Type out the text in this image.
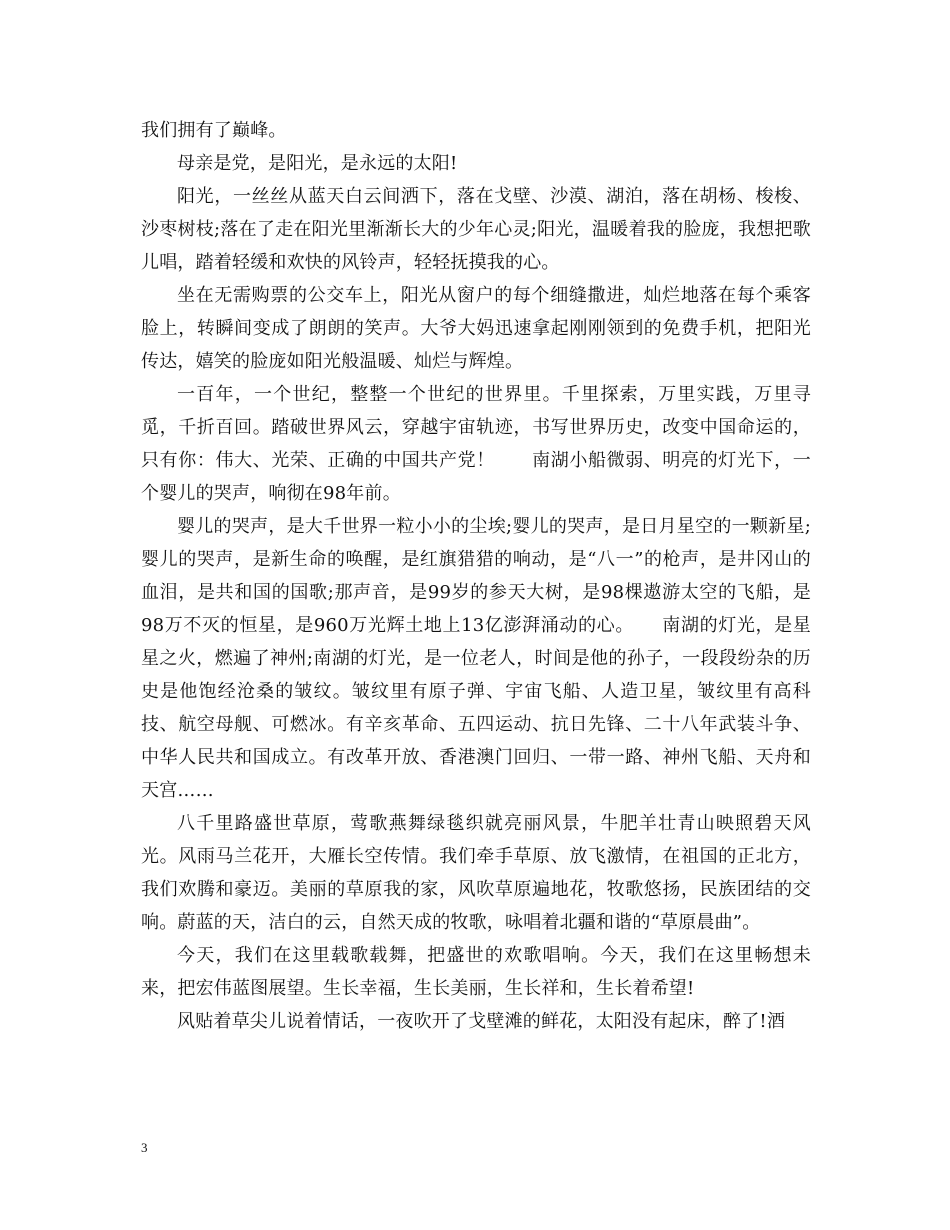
我们拥有了巅峰。

母亲是党，是阳光，是永远的太阳!

阳光，一丝丝从蓝天白云间洒下，落在戈壁、沙漠、湖泊，落在胡杨、梭梭、沙枣树枝;落在了走在阳光里渐渐长大的少年心灵;阳光，温暖着我的脸庞，我想把歌儿唱，踏着轻缓和欢快的风铃声，轻轻抚摸我的心。

坐在无需购票的公交车上，阳光从窗户的每个细缝撒进，灿烂地落在每个乘客脸上，转瞬间变成了朗朗的笑声。大爷大妈迅速拿起刚刚领到的免费手机，把阳光传达，嬉笑的脸庞如阳光般温暖、灿烂与辉煌。

一百年，一个世纪，整整一个世纪的世界里。千里探索，万里实践，万里寻觅，千折百回。踏破世界风云，穿越宇宙轨迹，书写世界历史，改变中国命运的，只有你：伟大、光荣、正确的中国共产党！　　南湖小船微弱、明亮的灯光下，一个婴儿的哭声，响彻在98年前。

婴儿的哭声，是大千世界一粒小小的尘埃;婴儿的哭声，是日月星空的一颗新星;婴儿的哭声，是新生命的唤醒，是红旗猎猎的响动，是“八一”的枪声，是井冈山的血泪，是共和国的国歌;那声音，是99岁的参天大树，是98棵遨游太空的飞船，是98万不灭的恒星，是960万光辉土地上13亿澎湃涌动的心。　　南湖的灯光，是星星之火，燃遍了神州;南湖的灯光，是一位老人，时间是他的孙子，一段段纷杂的历史是他饱经沧桑的皱纹。皱纹里有原子弹、宇宙飞船、人造卫星，皱纹里有高科技、航空母舰、可燃冰。有辛亥革命、五四运动、抗日先锋、二十八年武装斗争、中华人民共和国成立。有改革开放、香港澳门回归、一带一路、神州飞船、天舟和天宫……

八千里路盛世草原，莺歌燕舞绿毯织就亮丽风景，牛肥羊壮青山映照碧天风光。风雨马兰花开，大雁长空传情。我们牵手草原、放飞激情，在祖国的正北方，我们欢腾和豪迈。美丽的草原我的家，风吹草原遍地花，牧歌悠扬，民族团结的交响。蔚蓝的天，洁白的云，自然天成的牧歌，咏唱着北疆和谐的“草原晨曲”。

今天，我们在这里载歌载舞，把盛世的欢歌唱响。今天，我们在这里畅想未来，把宏伟蓝图展望。生长幸福，生长美丽，生长祥和，生长着希望!

风贴着草尖儿说着情话，一夜吹开了戈壁滩的鲜花，太阳没有起床，醉了!酒

3
